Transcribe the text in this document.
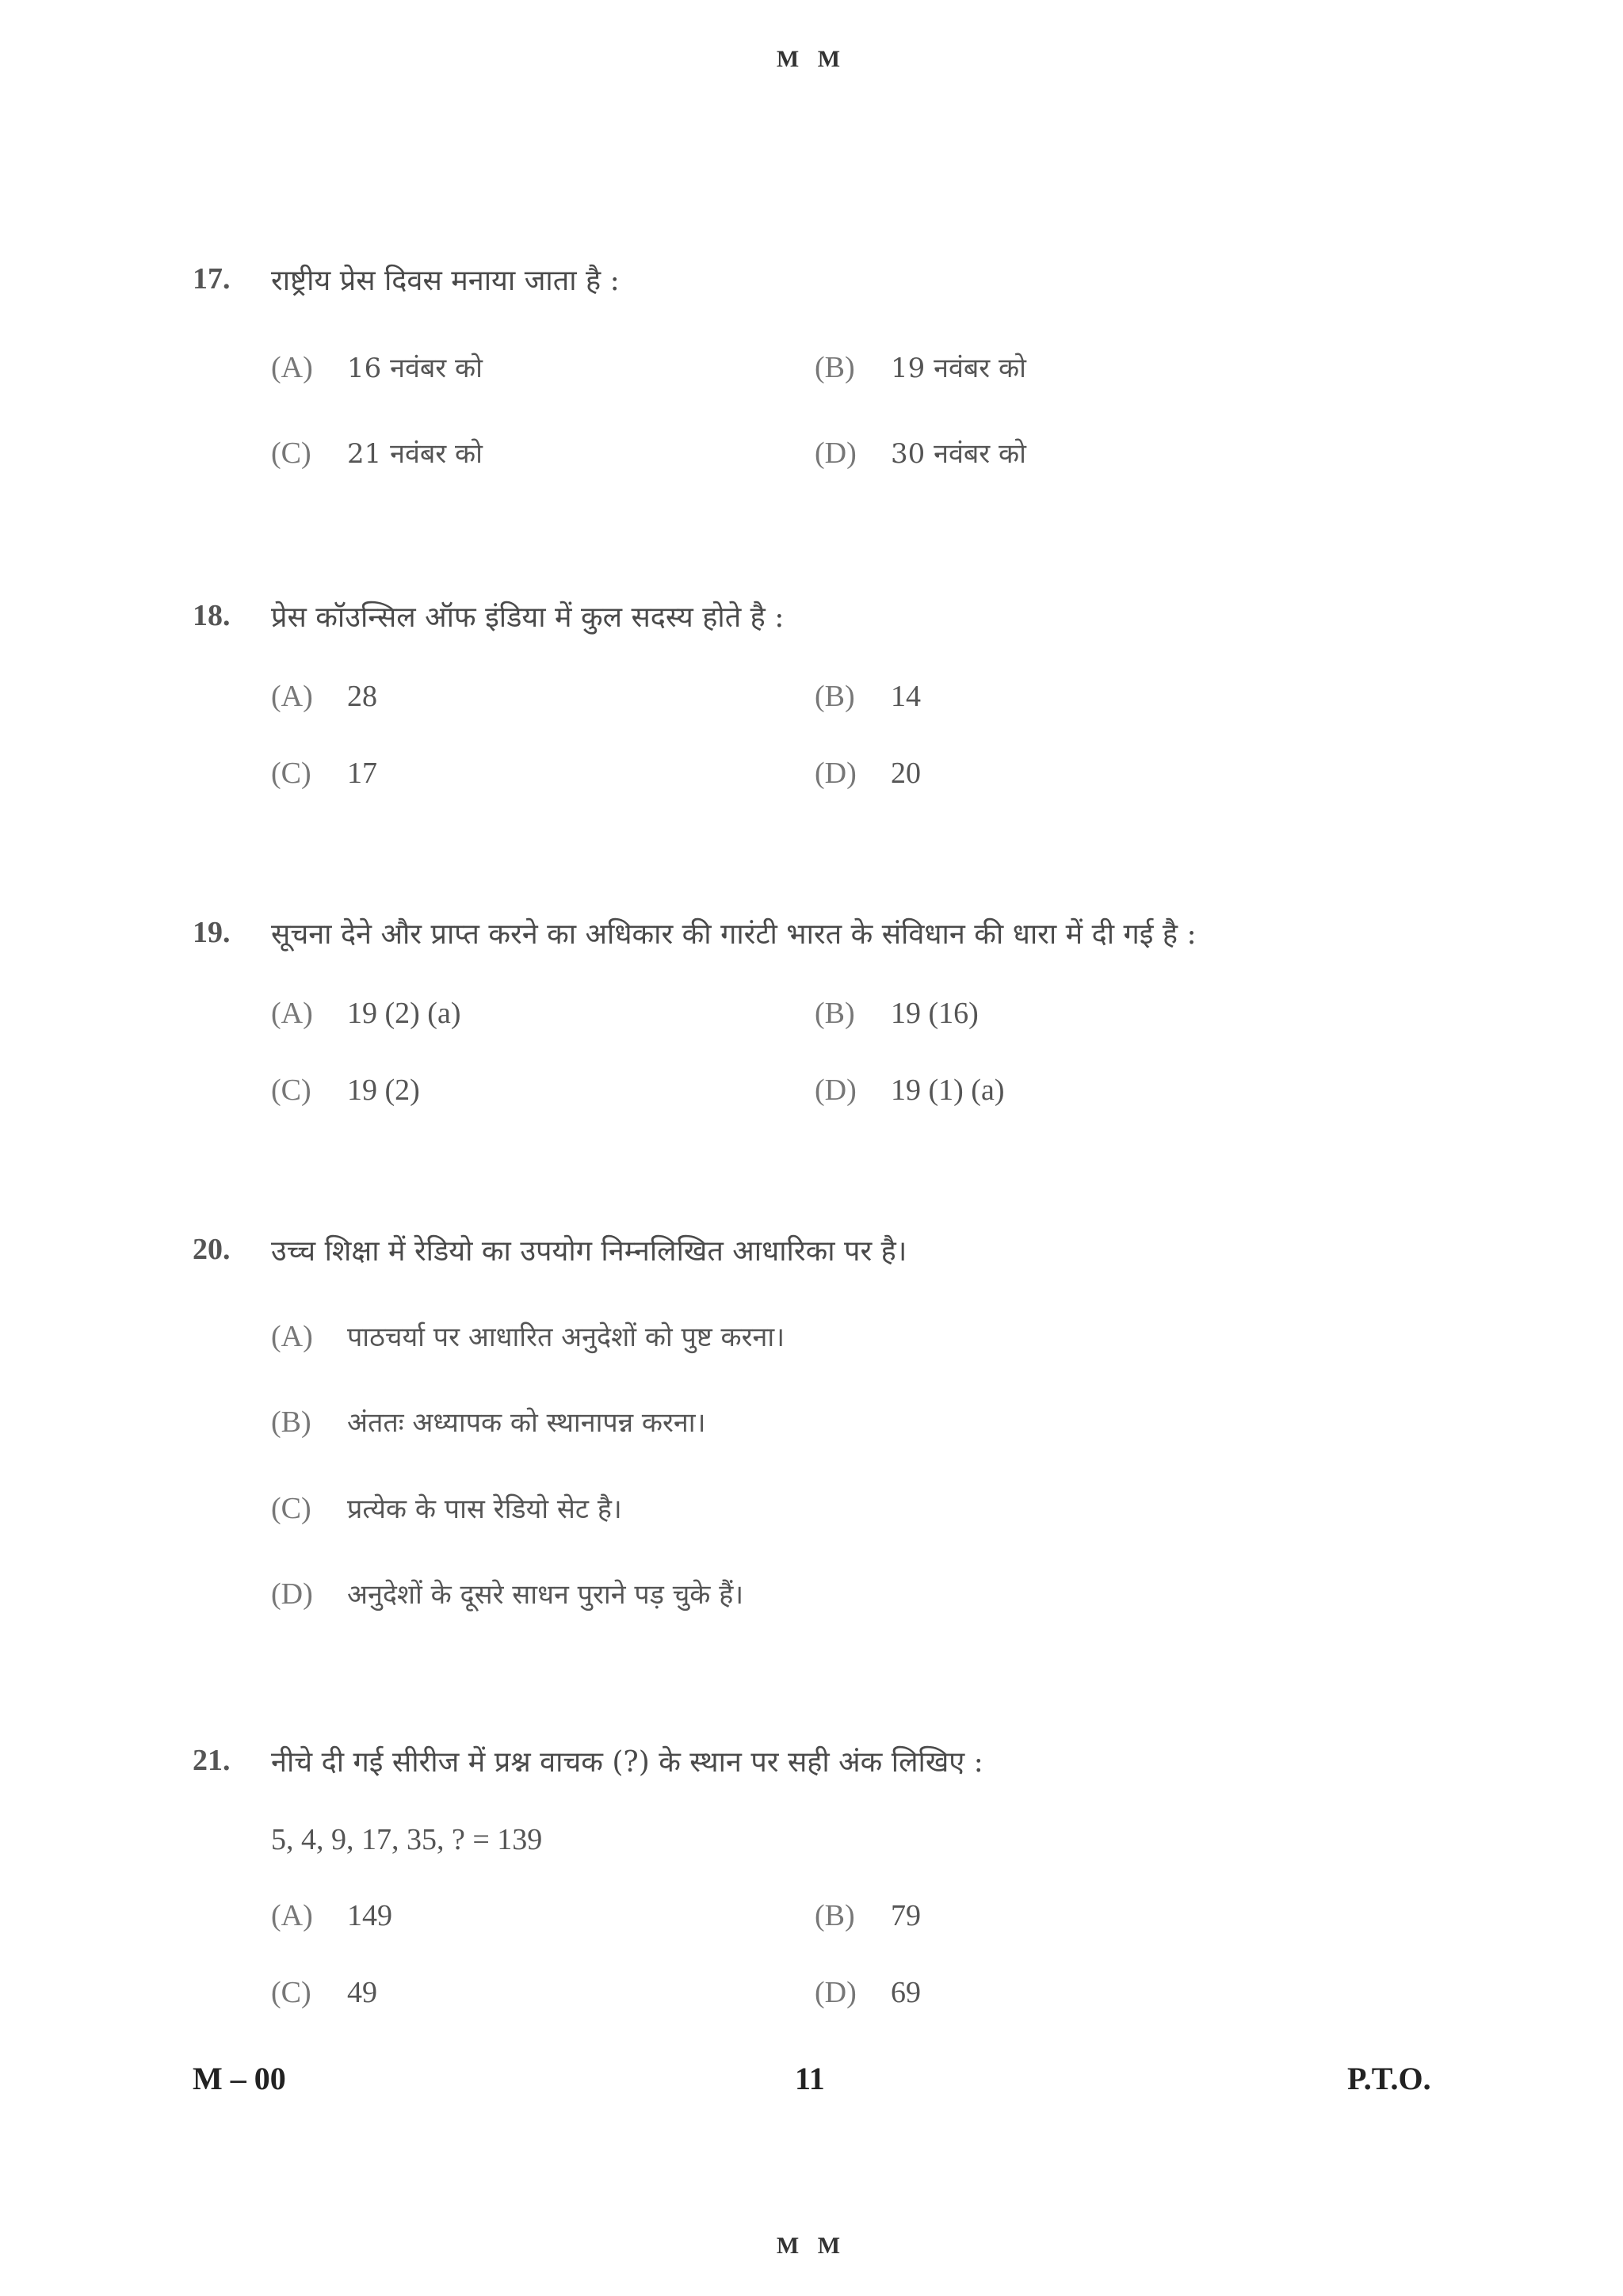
M M
17. राष्ट्रीय प्रेस दिवस मनाया जाता है :
(A) 16 नवंबर को	(B) 19 नवंबर को
(C) 21 नवंबर को	(D) 30 नवंबर को
18. प्रेस कॉउन्सिल ऑफ इंडिया में कुल सदस्य होते है :
(A) 28	(B) 14
(C) 17	(D) 20
19. सूचना देने और प्राप्त करने का अधिकार की गारंटी भारत के संविधान की धारा में दी गई है :
(A) 19 (2) (a)	(B) 19 (16)
(C) 19 (2)	(D) 19 (1) (a)
20. उच्च शिक्षा में रेडियो का उपयोग निम्नलिखित आधारिका पर है।
(A) पाठचर्या पर आधारित अनुदेशों को पुष्ट करना।
(B) अंततः अध्यापक को स्थानापन्न करना।
(C) प्रत्येक के पास रेडियो सेट है।
(D) अनुदेशों के दूसरे साधन पुराने पड़ चुके हैं।
21. नीचे दी गई सीरीज में प्रश्न वाचक (?) के स्थान पर सही अंक लिखिए :
5, 4, 9, 17, 35, ? = 139
(A) 149	(B) 79
(C) 49	(D) 69
M – 00	11	P.T.O.
M M
